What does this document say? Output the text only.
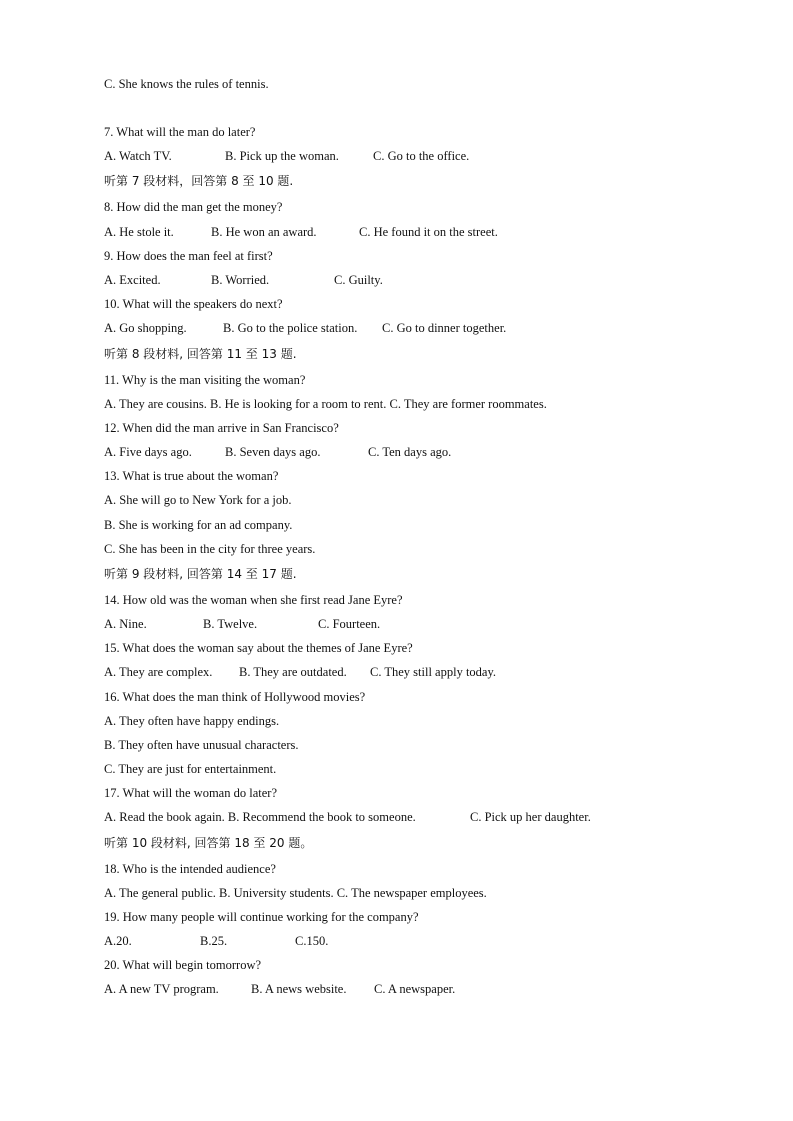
C. She knows the rules of tennis.
7. What will the man do later?
A. Watch TV.	B. Pick up the woman.	C. Go to the office.
听第 7 段材料，回答第 8 至 10 题.
8. How did the man get the money?
A. He stole it.	B. He won an award.	C. He found it on the street.
9. How does the man feel at first?
A. Excited.	B. Worried.	C. Guilty.
10. What will the speakers do next?
A. Go shopping.	B. Go to the police station. C. Go to dinner together.
听第 8 段材料, 回答第 11 至 13 题.
11. Why is the man visiting the woman?
A. They are cousins. B. He is looking for a room to rent. C. They are former roommates.
12. When did the man arrive in San Francisco?
A. Five days ago.	B. Seven days ago.	C. Ten days ago.
13. What is true about the woman?
A. She will go to New York for a job.
B. She is working for an ad company.
C. She has been in the city for three years.
听第 9 段材料, 回答第 14 至 17 题.
14. How old was the woman when she first read Jane Eyre?
A. Nine.	B. Twelve.	C. Fourteen.
15. What does the woman say about the themes of Jane Eyre?
A. They are complex. B. They are outdated. C. They still apply today.
16. What does the man think of Hollywood movies?
A. They often have happy endings.
B. They often have unusual characters.
C. They are just for entertainment.
17. What will the woman do later?
A. Read the book again. B. Recommend the book to someone.	C. Pick up her daughter.
听第 10 段材料, 回答第 18 至 20 题。
18. Who is the intended audience?
A. The general public. B. University students. C. The newspaper employees.
19. How many people will continue working for the company?
A.20.	B.25.	C.150.
20. What will begin tomorrow?
A. A new TV program.	B. A news website. C. A newspaper.
